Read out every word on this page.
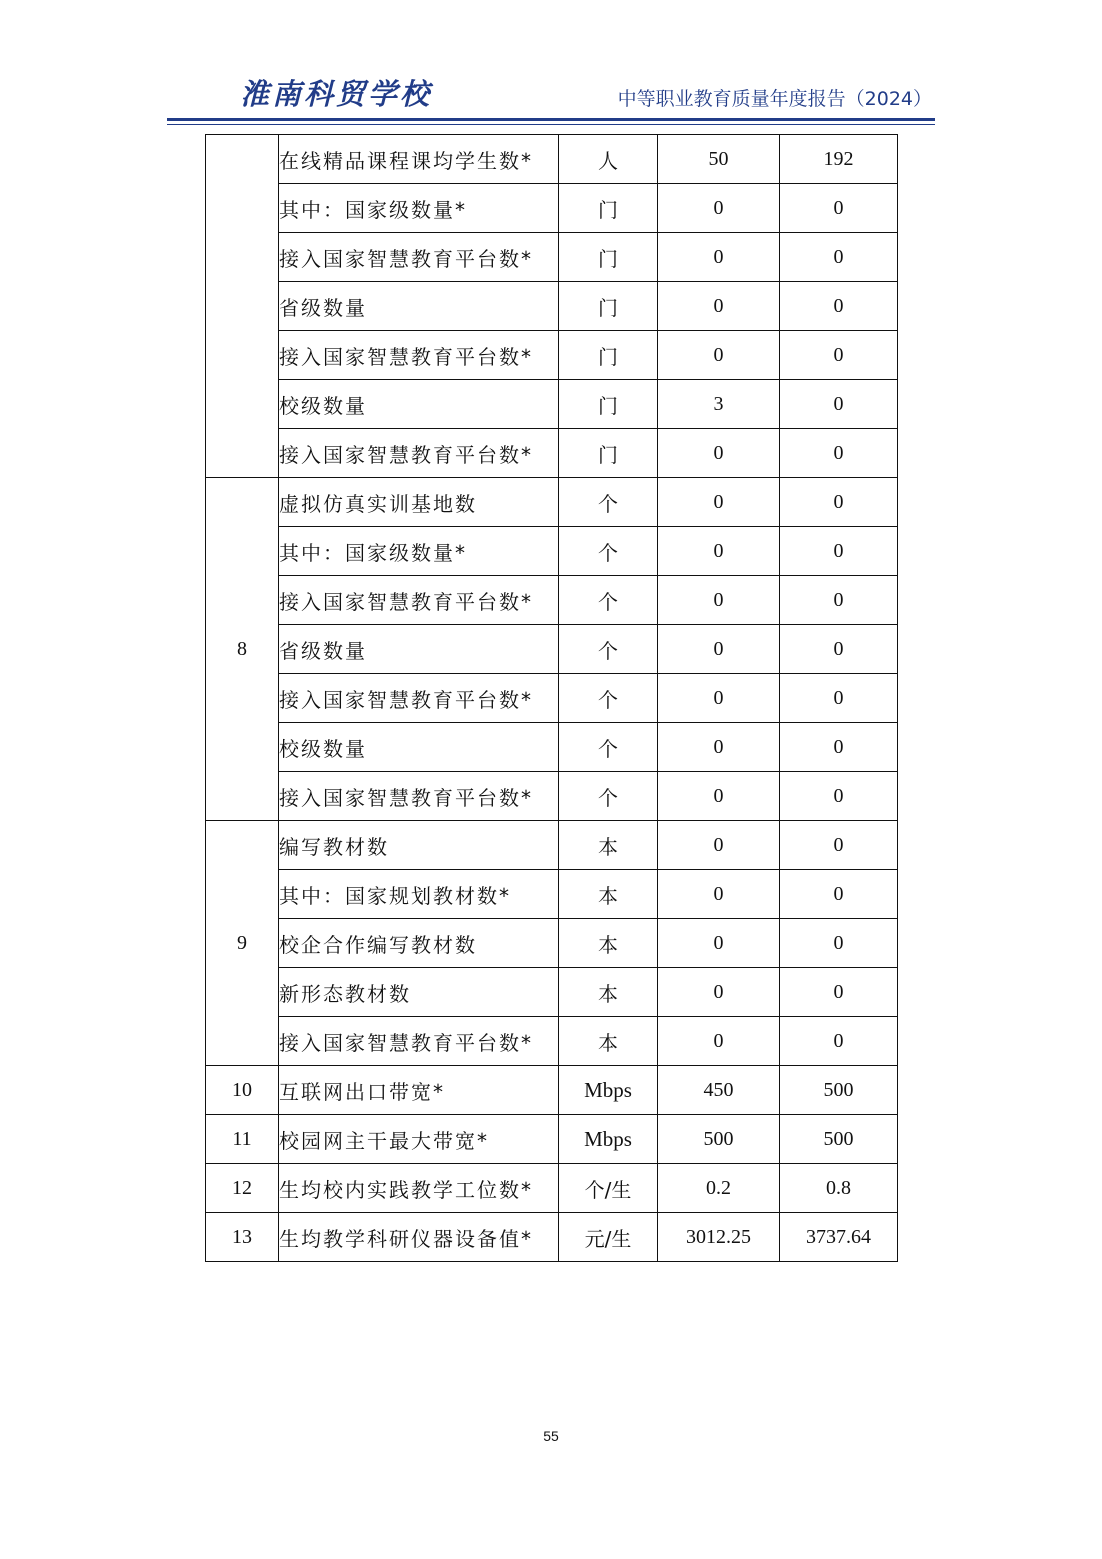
淮南科贸学校	中等职业教育质量年度报告（2024）
	在线精品课程课均学生数*	人	50	192
	其中：国家级数量*	门	0	0
	接入国家智慧教育平台数*	门	0	0
	省级数量	门	0	0
	接入国家智慧教育平台数*	门	0	0
	校级数量	门	3	0
	接入国家智慧教育平台数*	门	0	0
8	虚拟仿真实训基地数	个	0	0
	其中：国家级数量*	个	0	0
	接入国家智慧教育平台数*	个	0	0
	省级数量	个	0	0
	接入国家智慧教育平台数*	个	0	0
	校级数量	个	0	0
	接入国家智慧教育平台数*	个	0	0
9	编写教材数	本	0	0
	其中：国家规划教材数*	本	0	0
	校企合作编写教材数	本	0	0
	新形态教材数	本	0	0
	接入国家智慧教育平台数*	本	0	0
10	互联网出口带宽*	Mbps	450	500
11	校园网主干最大带宽*	Mbps	500	500
12	生均校内实践教学工位数*	个/生	0.2	0.8
13	生均教学科研仪器设备值*	元/生	3012.25	3737.64
55
